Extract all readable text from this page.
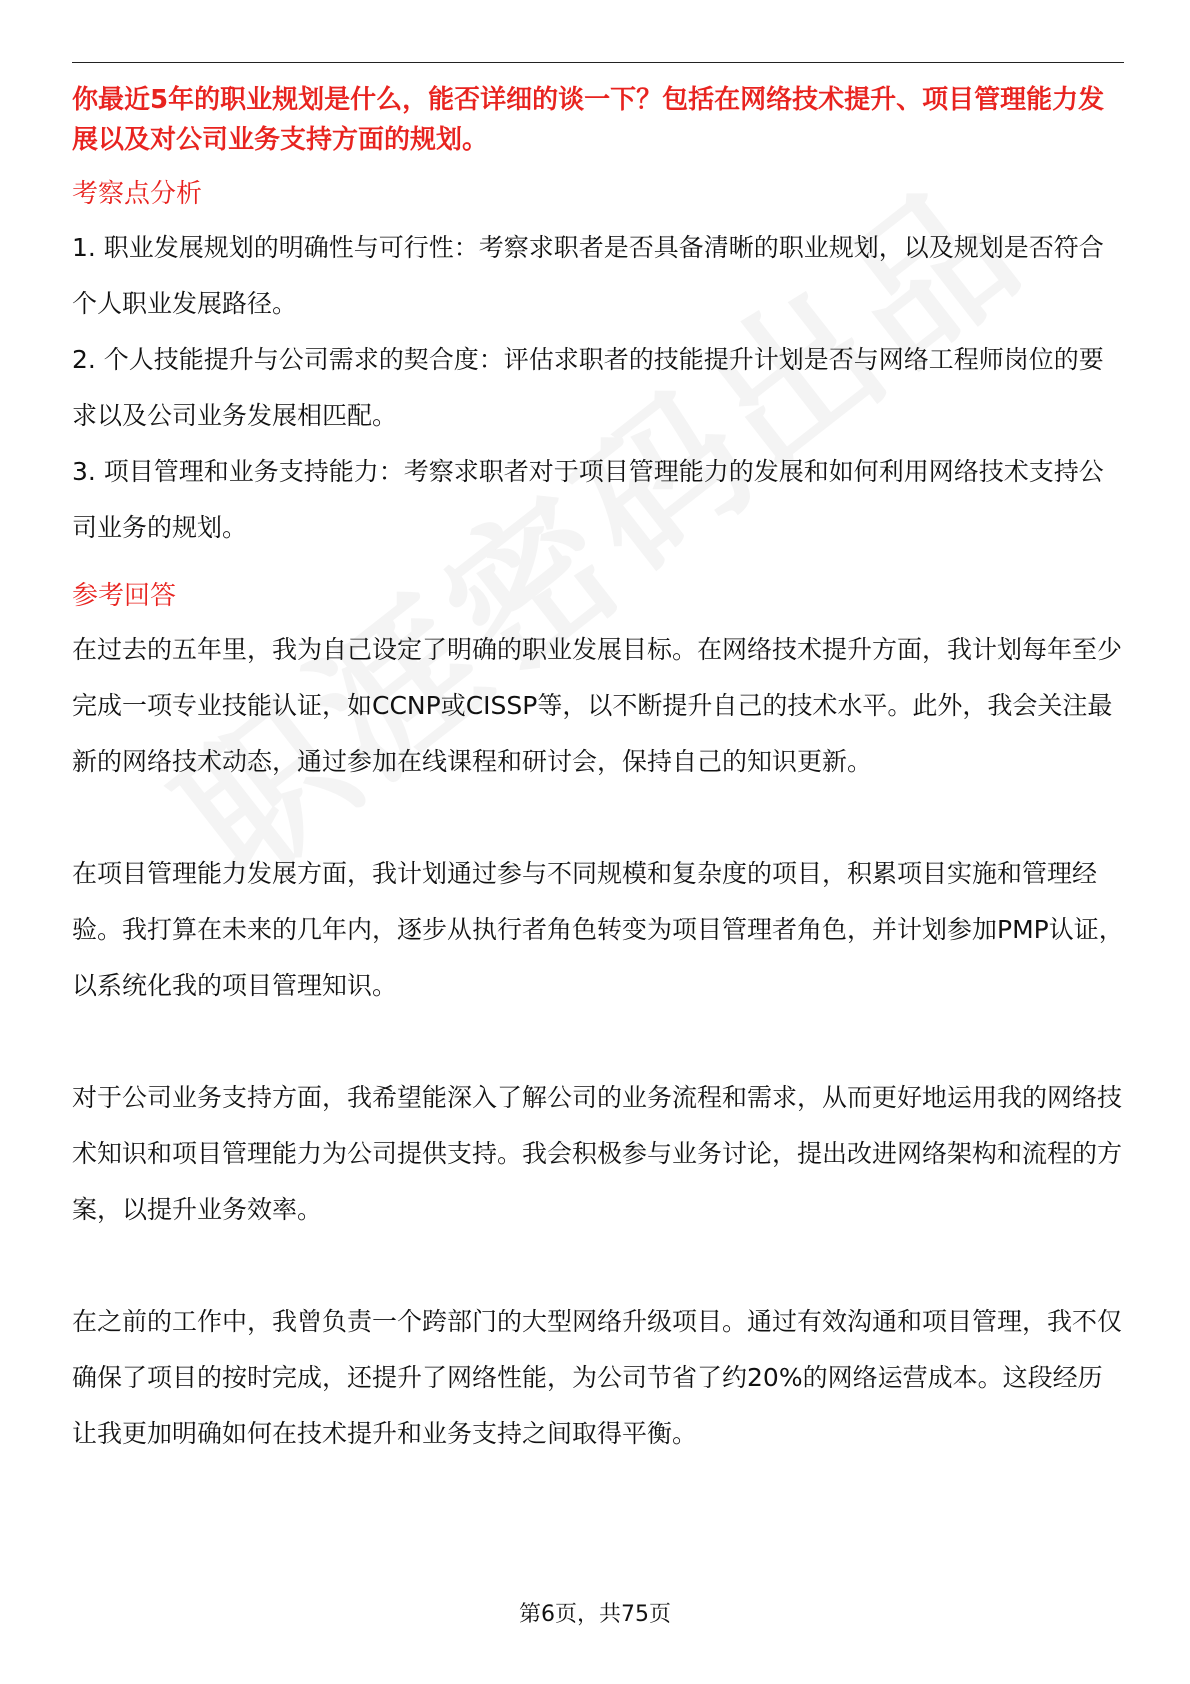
你最近5年的职业规划是什么，能否详细的谈一下？包括在网络技术提升、项目管理能力发展以及对公司业务支持方面的规划。

考察点分析

1. 职业发展规划的明确性与可行性：考察求职者是否具备清晰的职业规划，以及规划是否符合个人职业发展路径。

2. 个人技能提升与公司需求的契合度：评估求职者的技能提升计划是否与网络工程师岗位的要求以及公司业务发展相匹配。

3. 项目管理和业务支持能力：考察求职者对于项目管理能力的发展和如何利用网络技术支持公司业务的规划。

参考回答

在过去的五年里，我为自己设定了明确的职业发展目标。在网络技术提升方面，我计划每年至少完成一项专业技能认证，如CCNP或CISSP等，以不断提升自己的技术水平。此外，我会关注最新的网络技术动态，通过参加在线课程和研讨会，保持自己的知识更新。

在项目管理能力发展方面，我计划通过参与不同规模和复杂度的项目，积累项目实施和管理经验。我打算在未来的几年内，逐步从执行者角色转变为项目管理者角色，并计划参加PMP认证，以系统化我的项目管理知识。

对于公司业务支持方面，我希望能深入了解公司的业务流程和需求，从而更好地运用我的网络技术知识和项目管理能力为公司提供支持。我会积极参与业务讨论，提出改进网络架构和流程的方案，以提升业务效率。

在之前的工作中，我曾负责一个跨部门的大型网络升级项目。通过有效沟通和项目管理，我不仅确保了项目的按时完成，还提升了网络性能，为公司节省了约20%的网络运营成本。这段经历让我更加明确如何在技术提升和业务支持之间取得平衡。

第6页，共75页
